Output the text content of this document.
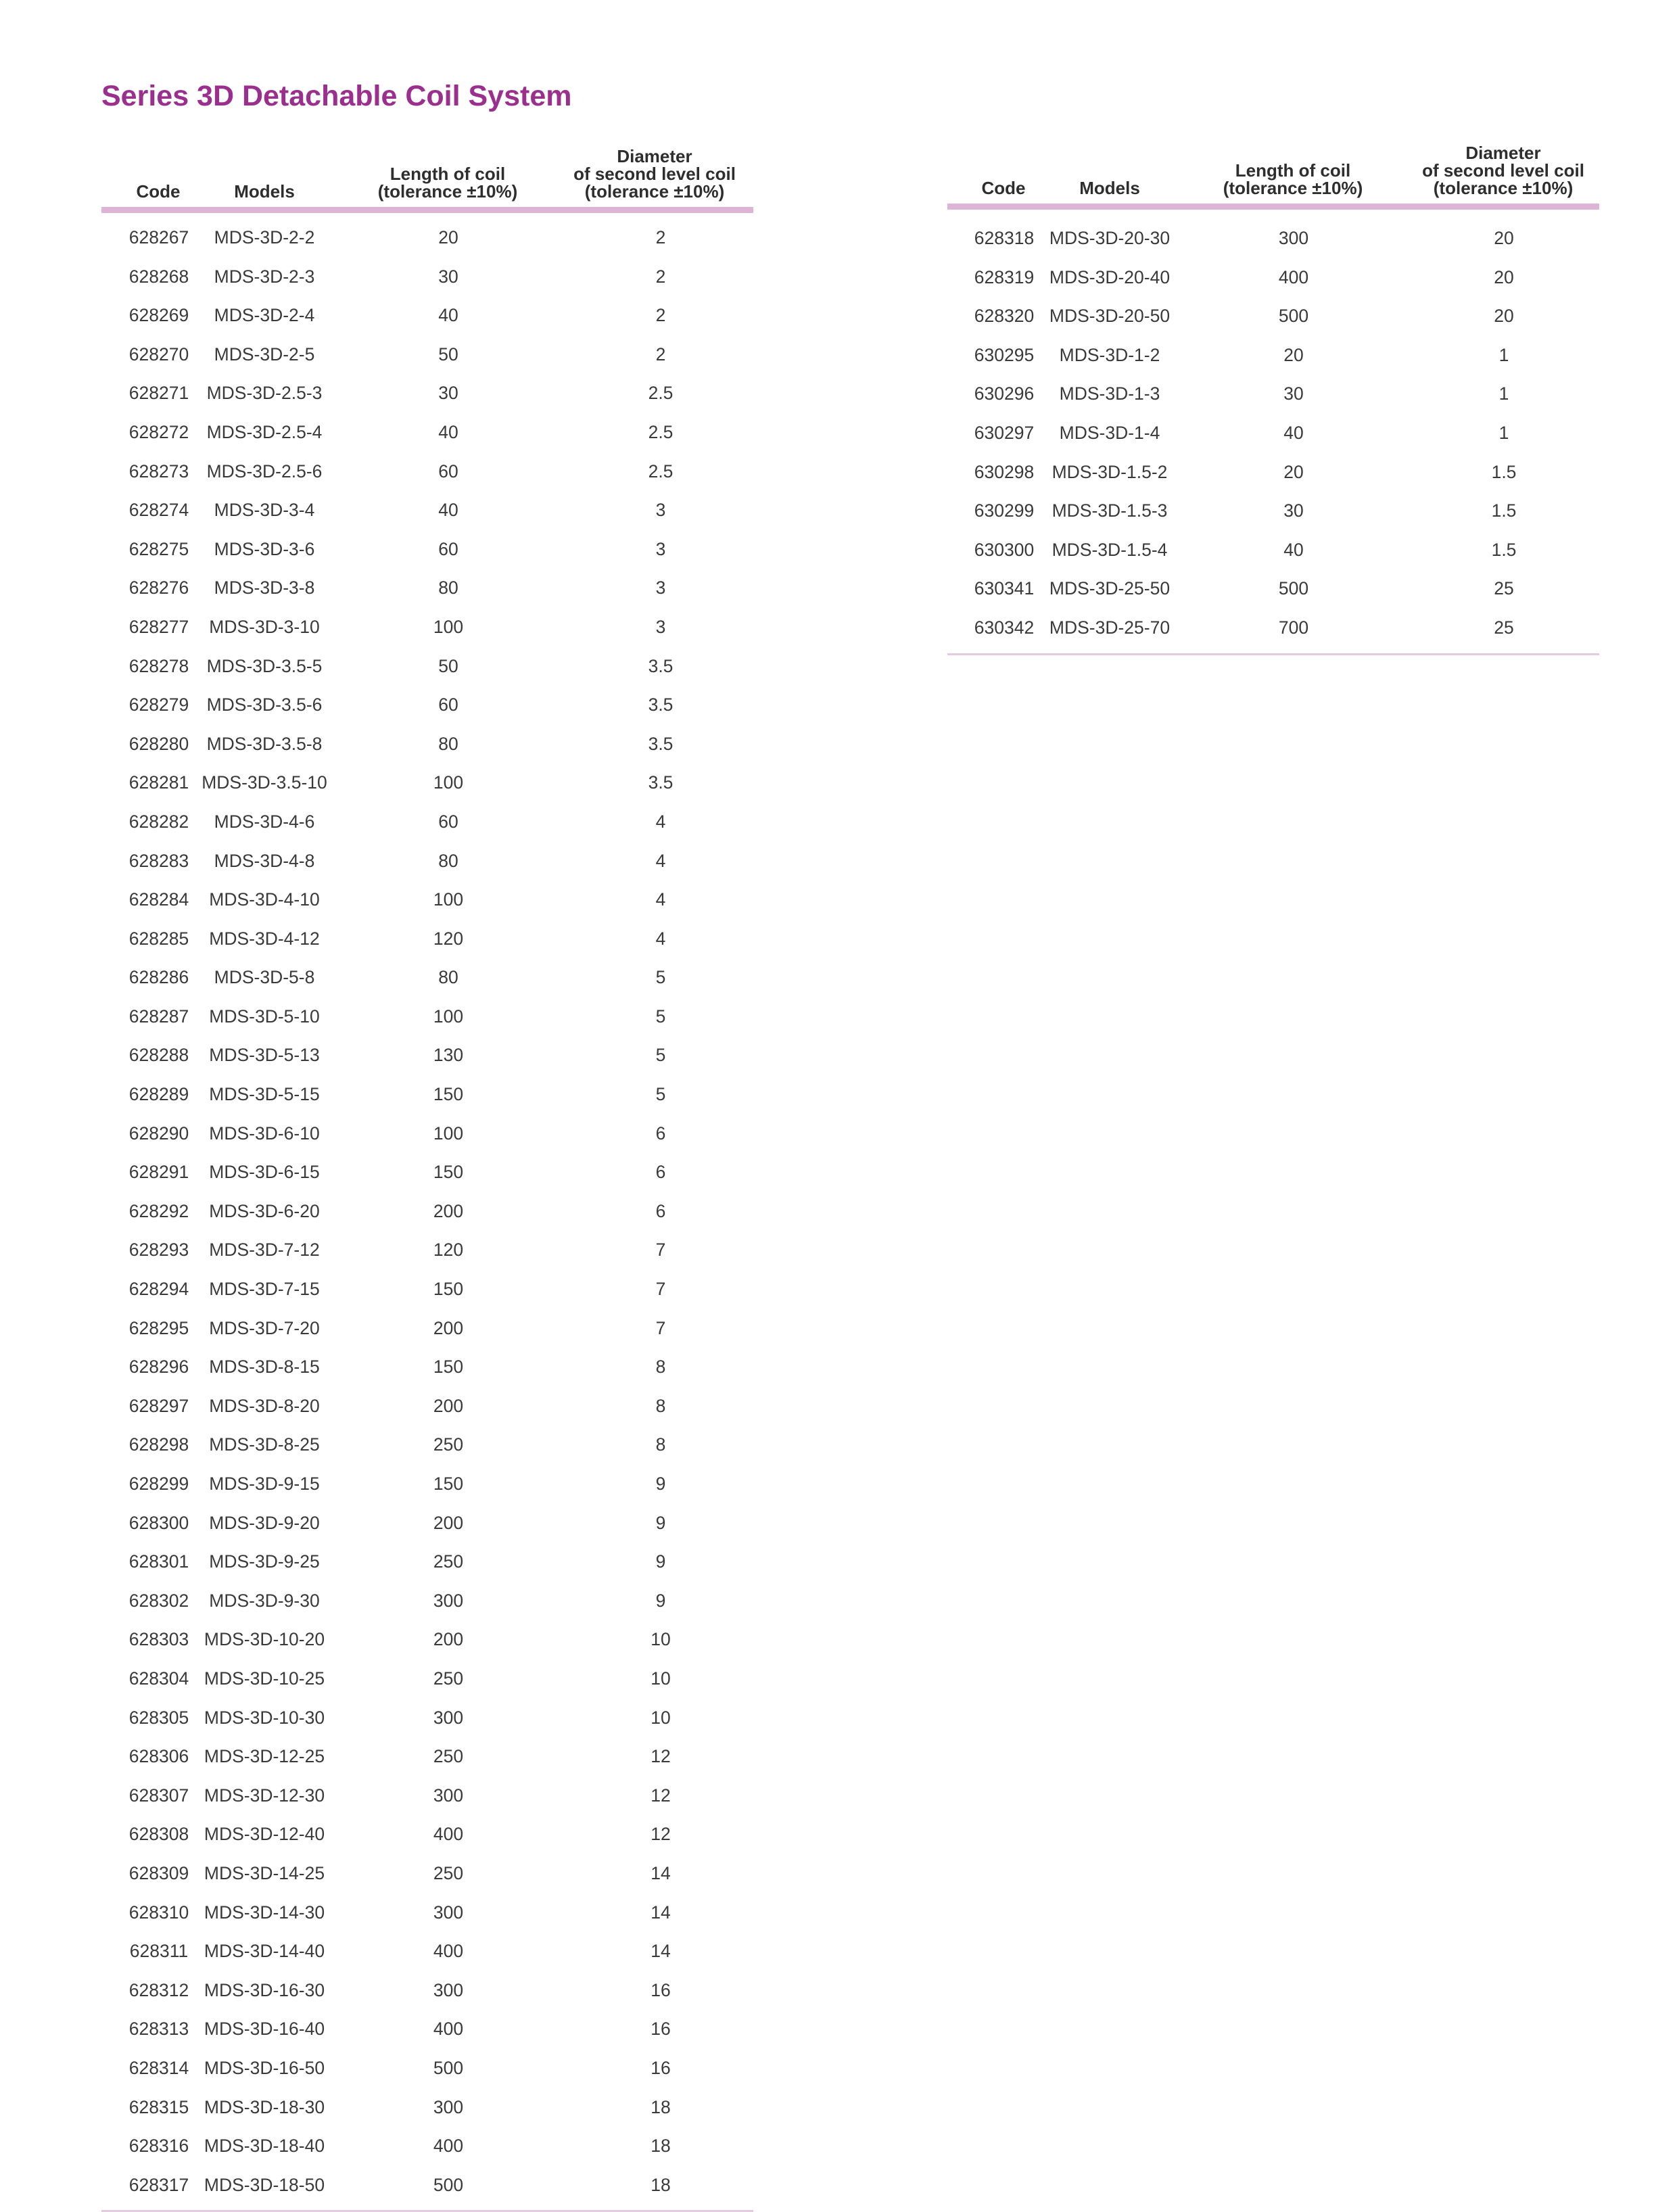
Series 3D Detachable Coil System
Code	Models
Length of coil
(tolerance ±10%)
Diameter
of second level coil
(tolerance ±10%)
628267 MDS-3D-2-2	20	2
628268 MDS-3D-2-3	30	2
628269 MDS-3D-2-4	40	2
628270 MDS-3D-2-5	50	2
628271 MDS-3D-2.5-3	30	2.5
628272 MDS-3D-2.5-4	40	2.5
628273 MDS-3D-2.5-6	60	2.5
628274 MDS-3D-3-4	40	3
628275 MDS-3D-3-6	60	3
628276 MDS-3D-3-8	80	3
628277 MDS-3D-3-10	100	3
628278 MDS-3D-3.5-5	50	3.5
628279 MDS-3D-3.5-6	60	3.5
628280 MDS-3D-3.5-8	80	3.5
628281 MDS-3D-3.5-10	100	3.5
628282 MDS-3D-4-6	60	4
628283 MDS-3D-4-8	80	4
628284 MDS-3D-4-10	100	4
628285 MDS-3D-4-12	120	4
628286 MDS-3D-5-8	80	5
628287 MDS-3D-5-10	100	5
628288 MDS-3D-5-13	130	5
628289 MDS-3D-5-15	150	5
628290 MDS-3D-6-10	100	6
628291 MDS-3D-6-15	150	6
628292 MDS-3D-6-20	200	6
628293 MDS-3D-7-12	120	7
628294 MDS-3D-7-15	150	7
628295 MDS-3D-7-20	200	7
628296 MDS-3D-8-15	150	8
628297 MDS-3D-8-20	200	8
628298 MDS-3D-8-25	250	8
628299 MDS-3D-9-15	150	9
628300 MDS-3D-9-20	200	9
628301 MDS-3D-9-25	250	9
628302 MDS-3D-9-30	300	9
628303 MDS-3D-10-20	200	10
628304 MDS-3D-10-25	250	10
628305 MDS-3D-10-30	300	10
628306 MDS-3D-12-25	250	12
628307 MDS-3D-12-30	300	12
628308 MDS-3D-12-40	400	12
628309 MDS-3D-14-25	250	14
628310 MDS-3D-14-30	300	14
628311 MDS-3D-14-40	400	14
628312 MDS-3D-16-30	300	16
628313 MDS-3D-16-40	400	16
628314 MDS-3D-16-50	500	16
628315 MDS-3D-18-30	300	18
628316 MDS-3D-18-40	400	18
628317 MDS-3D-18-50	500	18
Code	Models
Length of coil
(tolerance ±10%)
Diameter
of second level coil
(tolerance ±10%)
628318 MDS-3D-20-30	300	20
628319 MDS-3D-20-40	400	20
628320 MDS-3D-20-50	500	20
630295 MDS-3D-1-2	20	1
630296 MDS-3D-1-3	30	1
630297 MDS-3D-1-4	40	1
630298 MDS-3D-1.5-2	20	1.5
630299 MDS-3D-1.5-3	30	1.5
630300 MDS-3D-1.5-4	40	1.5
630341 MDS-3D-25-50	500	25
630342 MDS-3D-25-70	700	25
